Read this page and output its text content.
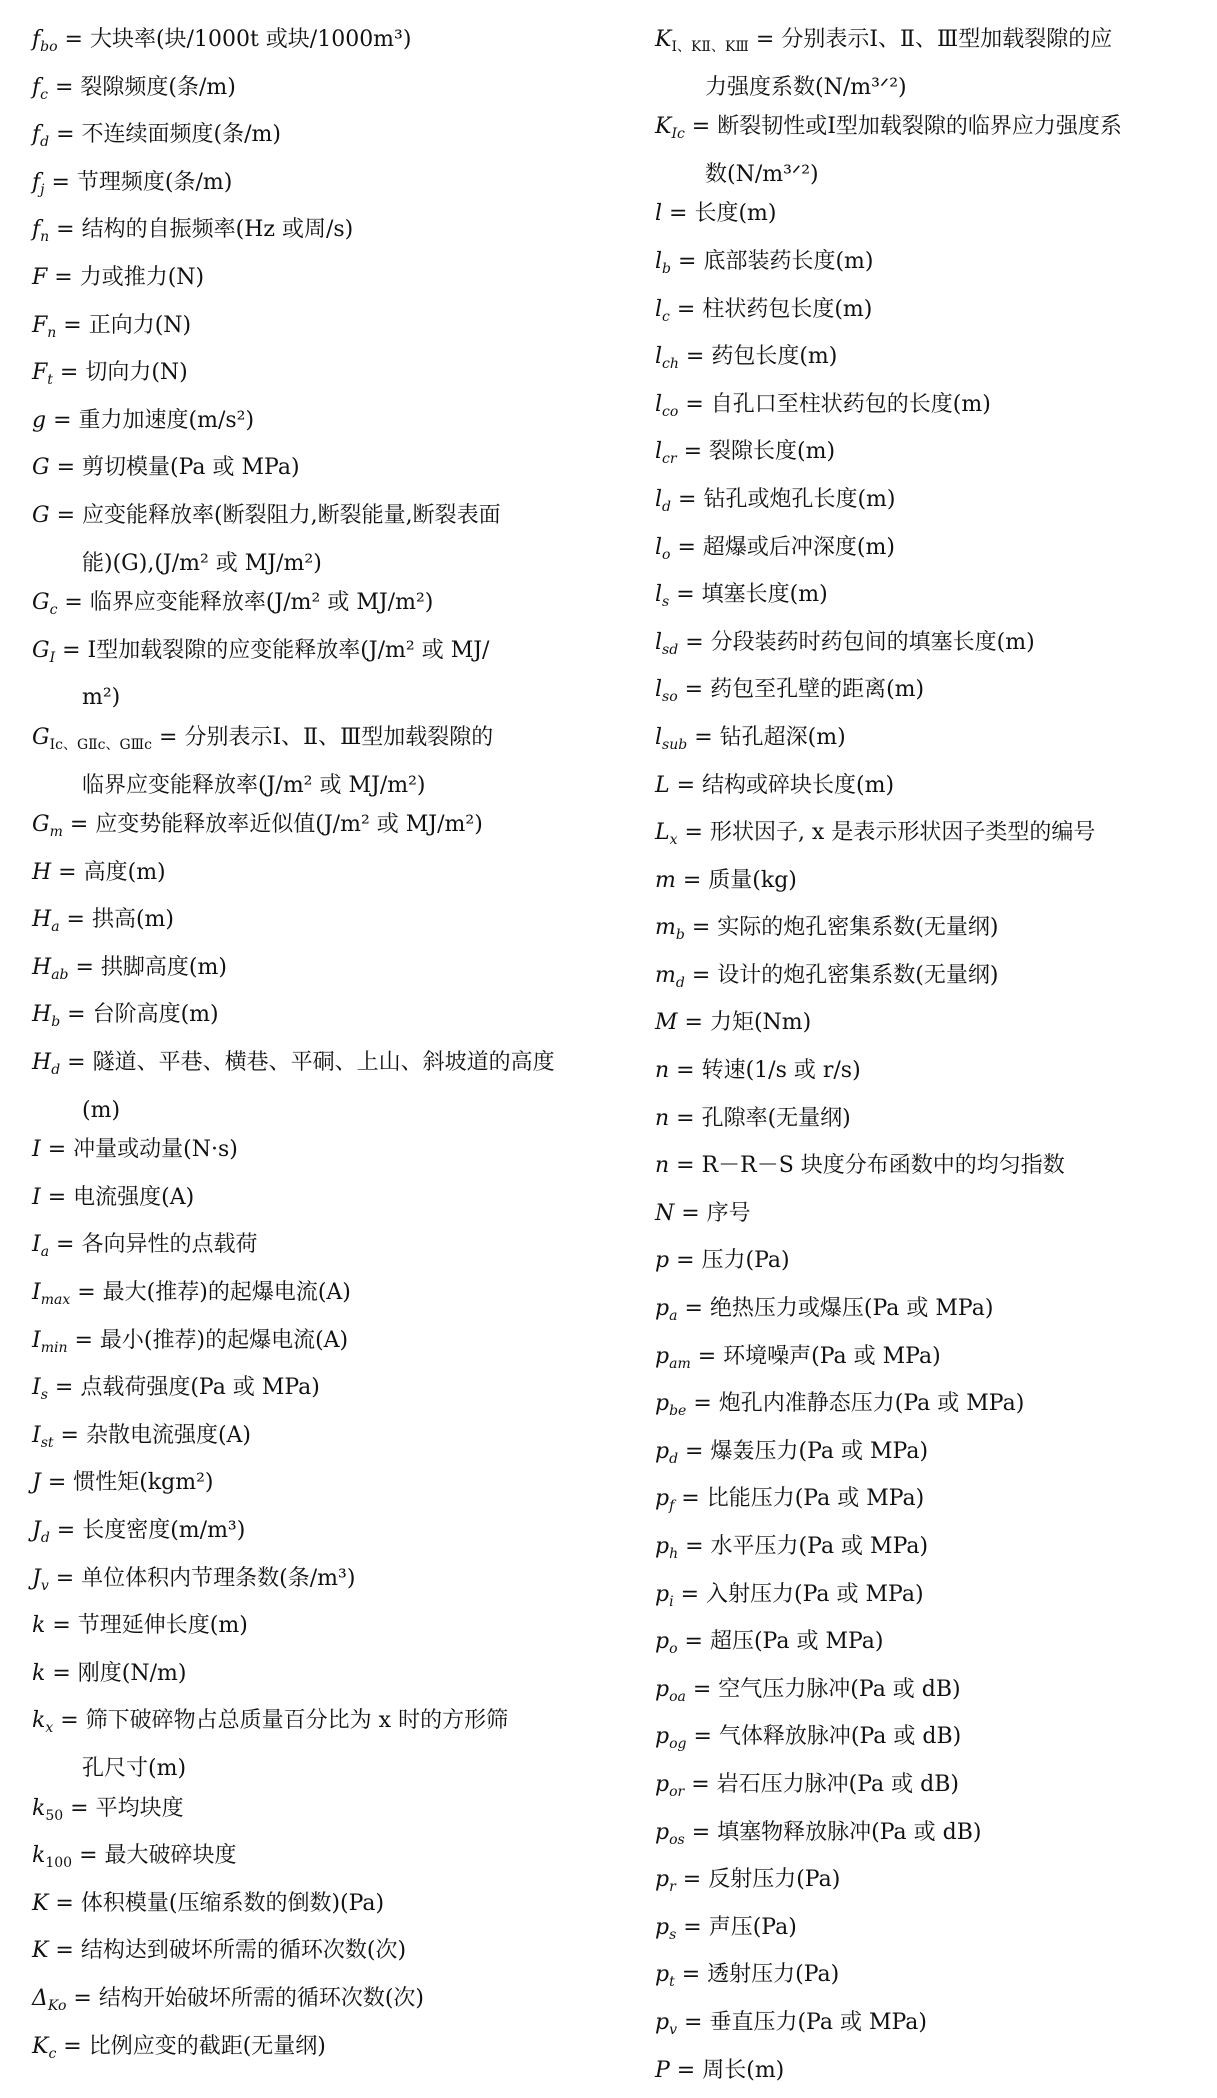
$f_{bo}$ = 大块率(块/1000t 或块/1000m³)
$f_c$ = 裂隙频度(条/m)
$f_d$ = 不连续面频度(条/m)
$f_j$ = 节理频度(条/m)
$f_n$ = 结构的自振频率(Hz 或周/s)
F = 力或推力(N)
$F_n$ = 正向力(N)
$F_t$ = 切向力(N)
g = 重力加速度(m/s²)
G = 剪切模量(Pa 或 MPa)
G = 应变能释放率(断裂阻力,断裂能量,断裂表面
能)(G),(J/m² 或 MJ/m²)
$G_c$ = 临界应变能释放率(J/m² 或 MJ/m²)
$G_I$ = Ⅰ型加载裂隙的应变能释放率(J/m² 或 MJ/
m²)
$G_{Ic、GⅡc、GⅢc}$ = 分别表示Ⅰ、Ⅱ、Ⅲ型加载裂隙的
临界应变能释放率(J/m² 或 MJ/m²)
$G_m$ = 应变势能释放率近似值(J/m² 或 MJ/m²)
H = 高度(m)
$H_a$ = 拱高(m)
$H_{ab}$ = 拱脚高度(m)
$H_b$ = 台阶高度(m)
$H_d$ = 隧道、平巷、横巷、平硐、上山、斜坡道的高度
(m)
I = 冲量或动量(N·s)
I = 电流强度(A)
$I_a$ = 各向异性的点载荷
$I_{max}$ = 最大(推荐)的起爆电流(A)
$I_{min}$ = 最小(推荐)的起爆电流(A)
$I_s$ = 点载荷强度(Pa 或 MPa)
$I_{st}$ = 杂散电流强度(A)
J = 惯性矩(kgm²)
$J_d$ = 长度密度(m/m³)
$J_v$ = 单位体积内节理条数(条/m³)
k = 节理延伸长度(m)
k = 刚度(N/m)
$k_x$ = 筛下破碎物占总质量百分比为 x 时的方形筛
孔尺寸(m)
$k_{50}$ = 平均块度
$k_{100}$ = 最大破碎块度
K = 体积模量(压缩系数的倒数)(Pa)
K = 结构达到破坏所需的循环次数(次)
$\Delta_{Ko}$ = 结构开始破坏所需的循环次数(次)
$K_c$ = 比例应变的截距(无量纲)
$K_{Ⅰ、KⅡ、KⅢ}$ = 分别表示Ⅰ、Ⅱ、Ⅲ型加载裂隙的应
力强度系数(N/m³ᐟ²)
$K_{Ic}$ = 断裂韧性或Ⅰ型加载裂隙的临界应力强度系
数(N/m³ᐟ²)
l = 长度(m)
$l_b$ = 底部装药长度(m)
$l_c$ = 柱状药包长度(m)
$l_{ch}$ = 药包长度(m)
$l_{co}$ = 自孔口至柱状药包的长度(m)
$l_{cr}$ = 裂隙长度(m)
$l_d$ = 钻孔或炮孔长度(m)
$l_o$ = 超爆或后冲深度(m)
$l_s$ = 填塞长度(m)
$l_{sd}$ = 分段装药时药包间的填塞长度(m)
$l_{so}$ = 药包至孔壁的距离(m)
$l_{sub}$ = 钻孔超深(m)
L = 结构或碎块长度(m)
$L_x$ = 形状因子, x 是表示形状因子类型的编号
m = 质量(kg)
$m_b$ = 实际的炮孔密集系数(无量纲)
$m_d$ = 设计的炮孔密集系数(无量纲)
M = 力矩(Nm)
n = 转速(1/s 或 r/s)
n = 孔隙率(无量纲)
n = R－R－S 块度分布函数中的均匀指数
N = 序号
p = 压力(Pa)
$p_a$ = 绝热压力或爆压(Pa 或 MPa)
$p_{am}$ = 环境噪声(Pa 或 MPa)
$p_{be}$ = 炮孔内准静态压力(Pa 或 MPa)
$p_d$ = 爆轰压力(Pa 或 MPa)
$p_f$ = 比能压力(Pa 或 MPa)
$p_h$ = 水平压力(Pa 或 MPa)
$p_i$ = 入射压力(Pa 或 MPa)
$p_o$ = 超压(Pa 或 MPa)
$p_{oa}$ = 空气压力脉冲(Pa 或 dB)
$p_{og}$ = 气体释放脉冲(Pa 或 dB)
$p_{or}$ = 岩石压力脉冲(Pa 或 dB)
$p_{os}$ = 填塞物释放脉冲(Pa 或 dB)
$p_r$ = 反射压力(Pa)
$p_s$ = 声压(Pa)
$p_t$ = 透射压力(Pa)
$p_v$ = 垂直压力(Pa 或 MPa)
P = 周长(m)
